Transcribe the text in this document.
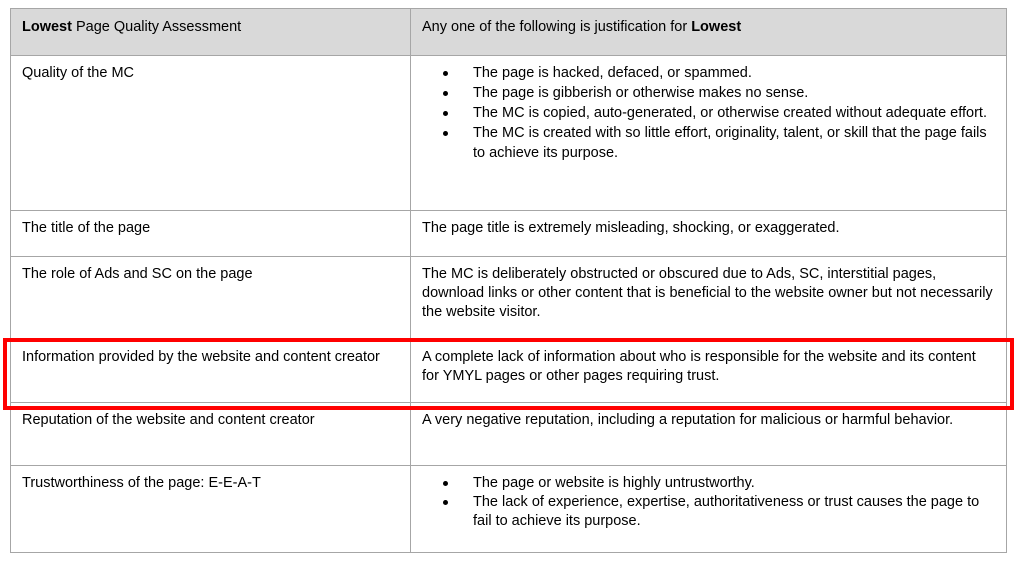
Lowest Page Quality Assessment	Any one of the following is justification for Lowest
Quality of the MC	The page is hacked, defaced, or spammed.
The page is gibberish or otherwise makes no sense.
The MC is copied, auto-generated, or otherwise created without adequate effort.
The MC is created with so little effort, originality, talent, or skill that the page fails to achieve its purpose.

The title of the page	The page title is extremely misleading, shocking, or exaggerated.
The role of Ads and SC on the page	The MC is deliberately obstructed or obscured due to Ads, SC, interstitial pages, download links or other content that is beneficial to the website owner but not necessarily the website visitor.
Information provided by the website and content creator	A complete lack of information about who is responsible for the website and its content for YMYL pages or other pages requiring trust.
Reputation of the website and content creator	A very negative reputation, including a reputation for malicious or harmful behavior.
Trustworthiness of the page: E-E-A-T	The page or website is highly untrustworthy.
The lack of experience, expertise, authoritativeness or trust causes the page to fail to achieve its purpose.
